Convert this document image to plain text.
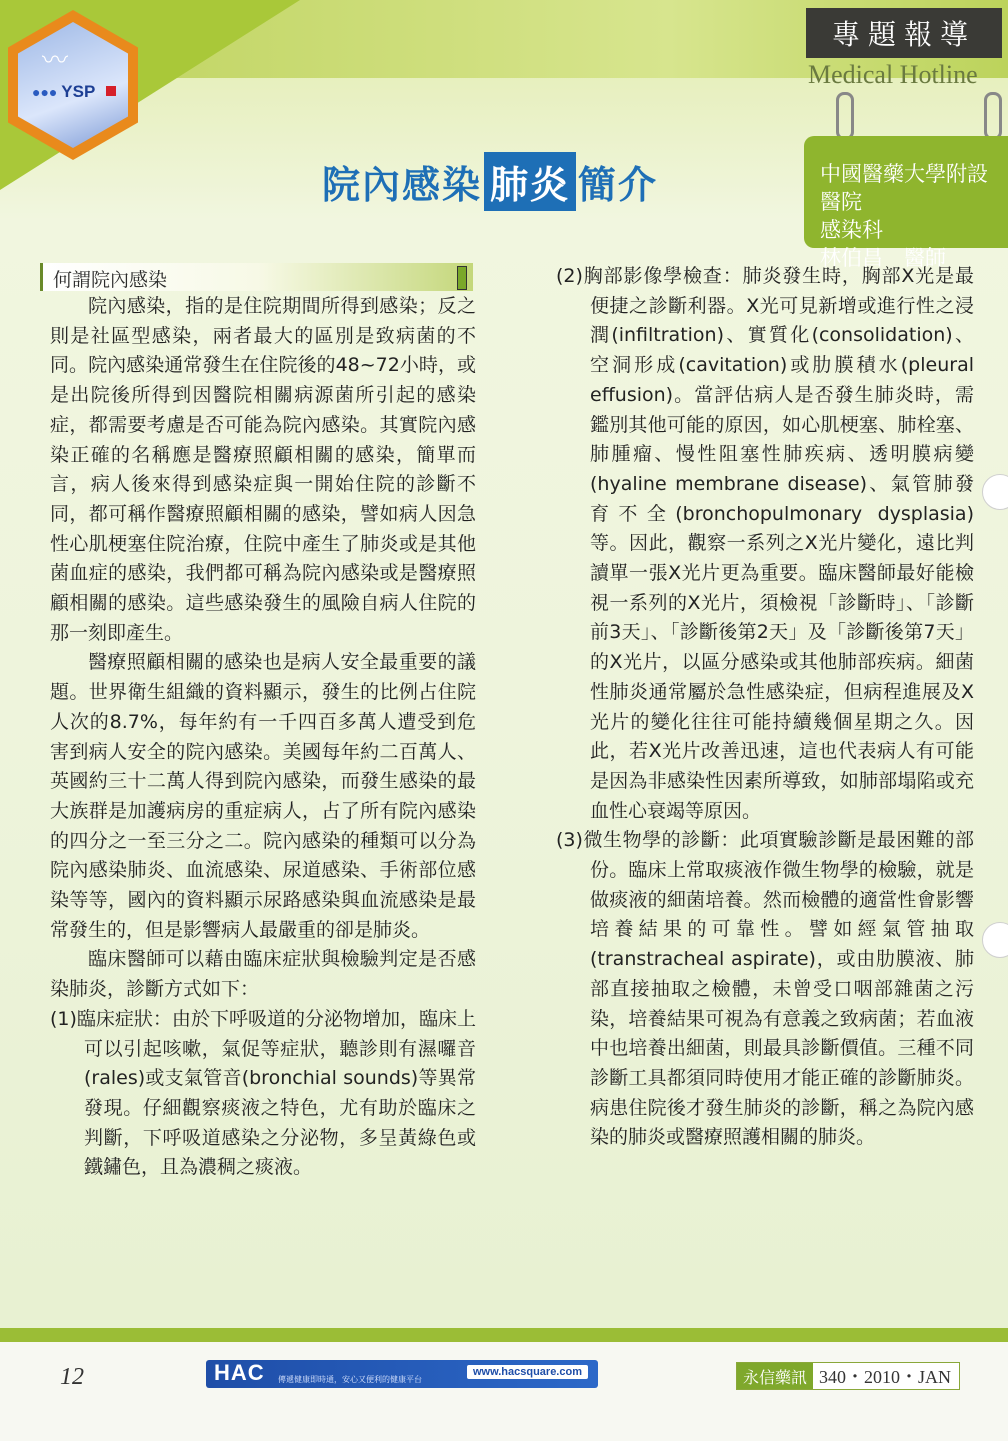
〰
●●● YSP
專題報導
Medical Hotline
中國醫藥大學附設醫院
感染科
林伯昌　 醫師
院內感染 肺炎 簡介
何謂院內感染

院內感染，指的是住院期間所得到感染；反之則是社區型感染，兩者最大的區別是致病菌的不同。院內感染通常發生在住院後的48~72小時，或是出院後所得到因醫院相關病源菌所引起的感染症，都需要考慮是否可能為院內感染。其實院內感染正確的名稱應是醫療照顧相關的感染，簡單而言，病人後來得到感染症與一開始住院的診斷不同，都可稱作醫療照顧相關的感染，譬如病人因急性心肌梗塞住院治療，住院中產生了肺炎或是其他菌血症的感染，我們都可稱為院內感染或是醫療照顧相關的感染。這些感染發生的風險自病人住院的那一刻即產生。

醫療照顧相關的感染也是病人安全最重要的議題。世界衛生組織的資料顯示，發生的比例占住院人次的8.7%，每年約有一千四百多萬人遭受到危害到病人安全的院內感染。美國每年約二百萬人、英國約三十二萬人得到院內感染，而發生感染的最大族群是加護病房的重症病人，占了所有院內感染的四分之一至三分之二。院內感染的種類可以分為院內感染肺炎、血流感染、尿道感染、手術部位感染等等，國內的資料顯示尿路感染與血流感染是最常發生的，但是影響病人最嚴重的卻是肺炎。

臨床醫師可以藉由臨床症狀與檢驗判定是否感染肺炎，診斷方式如下：

(1)臨床症狀：由於下呼吸道的分泌物增加，臨床上可以引起咳嗽，氣促等症狀，聽診則有濕囉音(rales)或支氣管音(bronchial sounds)等異常發現。仔細觀察痰液之特色，尤有助於臨床之判斷，下呼吸道感染之分泌物，多呈黃綠色或鐵鏽色，且為濃稠之痰液。

(2)胸部影像學檢查：肺炎發生時，胸部X光是最便捷之診斷利器。X光可見新增或進行性之浸潤(infiltration)、實質化(consolidation)、空洞形成(cavitation)或肋膜積水(pleural effusion)。當評估病人是否發生肺炎時，需鑑別其他可能的原因，如心肌梗塞、肺栓塞、肺腫瘤、慢性阻塞性肺疾病、透明膜病變(hyaline membrane disease)、氣管肺發育不全(bronchopulmonary dysplasia)等。因此，觀察一系列之X光片變化，遠比判讀單一張X光片更為重要。臨床醫師最好能檢視一系列的X光片，須檢視「診斷時」、「診斷前3天」、「診斷後第2天」及「診斷後第7天」的X光片，以區分感染或其他肺部疾病。細菌性肺炎通常屬於急性感染症，但病程進展及X光片的變化往往可能持續幾個星期之久。因此，若X光片改善迅速，這也代表病人有可能是因為非感染性因素所導致，如肺部塌陷或充血性心衰竭等原因。

(3)微生物學的診斷：此項實驗診斷是最困難的部份。臨床上常取痰液作微生物學的檢驗，就是做痰液的細菌培養。然而檢體的適當性會影響培養結果的可靠性。譬如經氣管抽取(transtracheal aspirate)，或由肋膜液、肺部直接抽取之檢體，未曾受口咽部雜菌之污染，培養結果可視為有意義之致病菌；若血液中也培養出細菌，則最具診斷價值。三種不同診斷工具都須同時使用才能正確的診斷肺炎。病患住院後才發生肺炎的診斷，稱之為院內感染的肺炎或醫療照護相關的肺炎。

12	HAC 傳遞健康即時通，安心又便利的健康平台
www.hacsquare.com	永信藥訊 340・2010・JAN
